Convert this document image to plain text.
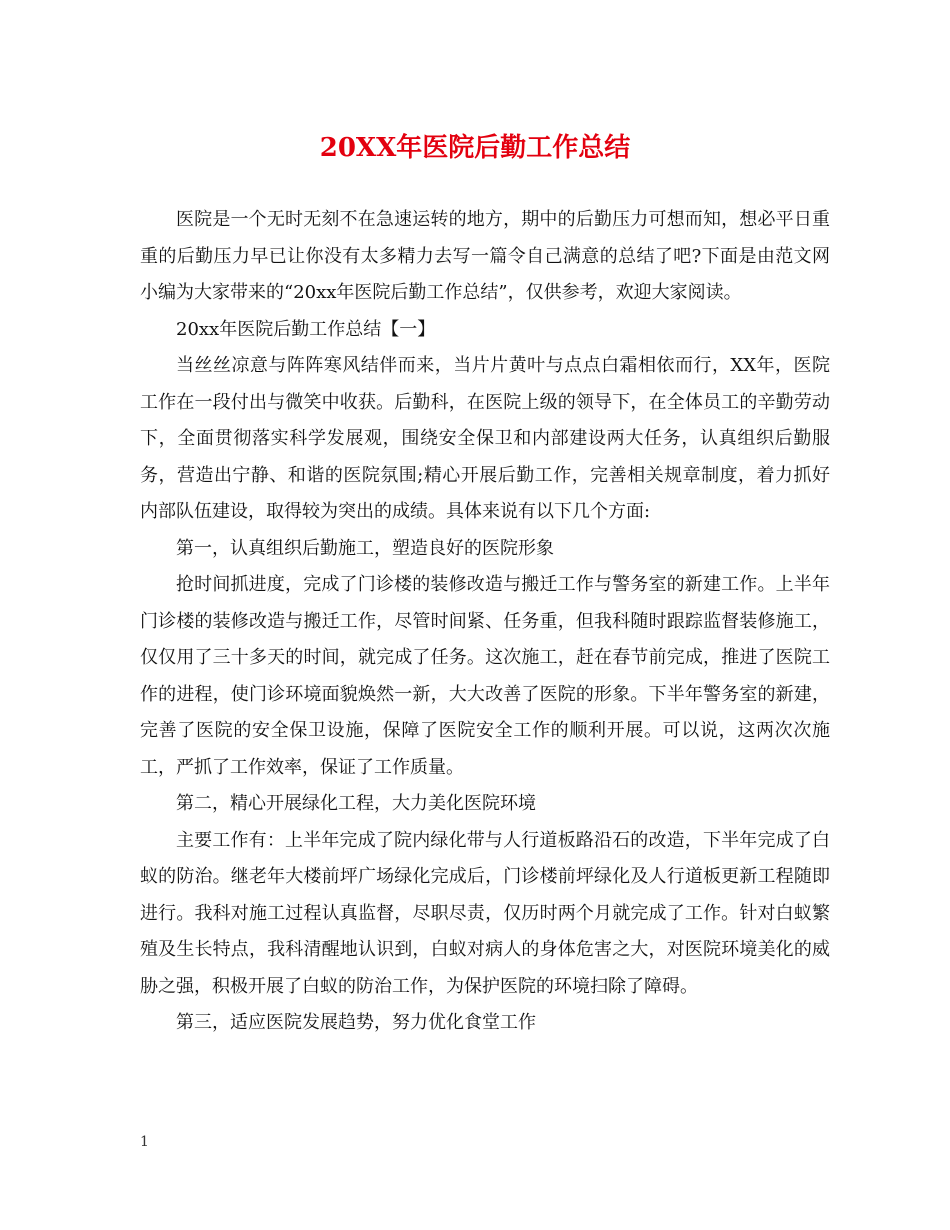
20XX年医院后勤工作总结

医院是一个无时无刻不在急速运转的地方，期中的后勤压力可想而知，想必平日重重的后勤压力早已让你没有太多精力去写一篇令自己满意的总结了吧?下面是由范文网小编为大家带来的“20xx年医院后勤工作总结”，仅供参考，欢迎大家阅读。

20xx年医院后勤工作总结【一】

当丝丝凉意与阵阵寒风结伴而来，当片片黄叶与点点白霜相依而行，XX年，医院工作在一段付出与微笑中收获。后勤科，在医院上级的领导下，在全体员工的辛勤劳动下，全面贯彻落实科学发展观，围绕安全保卫和内部建设两大任务，认真组织后勤服务，营造出宁静、和谐的医院氛围;精心开展后勤工作，完善相关规章制度，着力抓好内部队伍建设，取得较为突出的成绩。具体来说有以下几个方面:

第一，认真组织后勤施工，塑造良好的医院形象

抢时间抓进度，完成了门诊楼的装修改造与搬迁工作与警务室的新建工作。上半年门诊楼的装修改造与搬迁工作，尽管时间紧、任务重，但我科随时跟踪监督装修施工，仅仅用了三十多天的时间，就完成了任务。这次施工，赶在春节前完成，推进了医院工作的进程，使门诊环境面貌焕然一新，大大改善了医院的形象。下半年警务室的新建，完善了医院的安全保卫设施，保障了医院安全工作的顺利开展。可以说，这两次次施工，严抓了工作效率，保证了工作质量。

第二，精心开展绿化工程，大力美化医院环境

主要工作有：上半年完成了院内绿化带与人行道板路沿石的改造，下半年完成了白蚁的防治。继老年大楼前坪广场绿化完成后，门诊楼前坪绿化及人行道板更新工程随即进行。我科对施工过程认真监督，尽职尽责，仅历时两个月就完成了工作。针对白蚁繁殖及生长特点，我科清醒地认识到，白蚁对病人的身体危害之大，对医院环境美化的威胁之强，积极开展了白蚁的防治工作，为保护医院的环境扫除了障碍。

第三，适应医院发展趋势，努力优化食堂工作

1
